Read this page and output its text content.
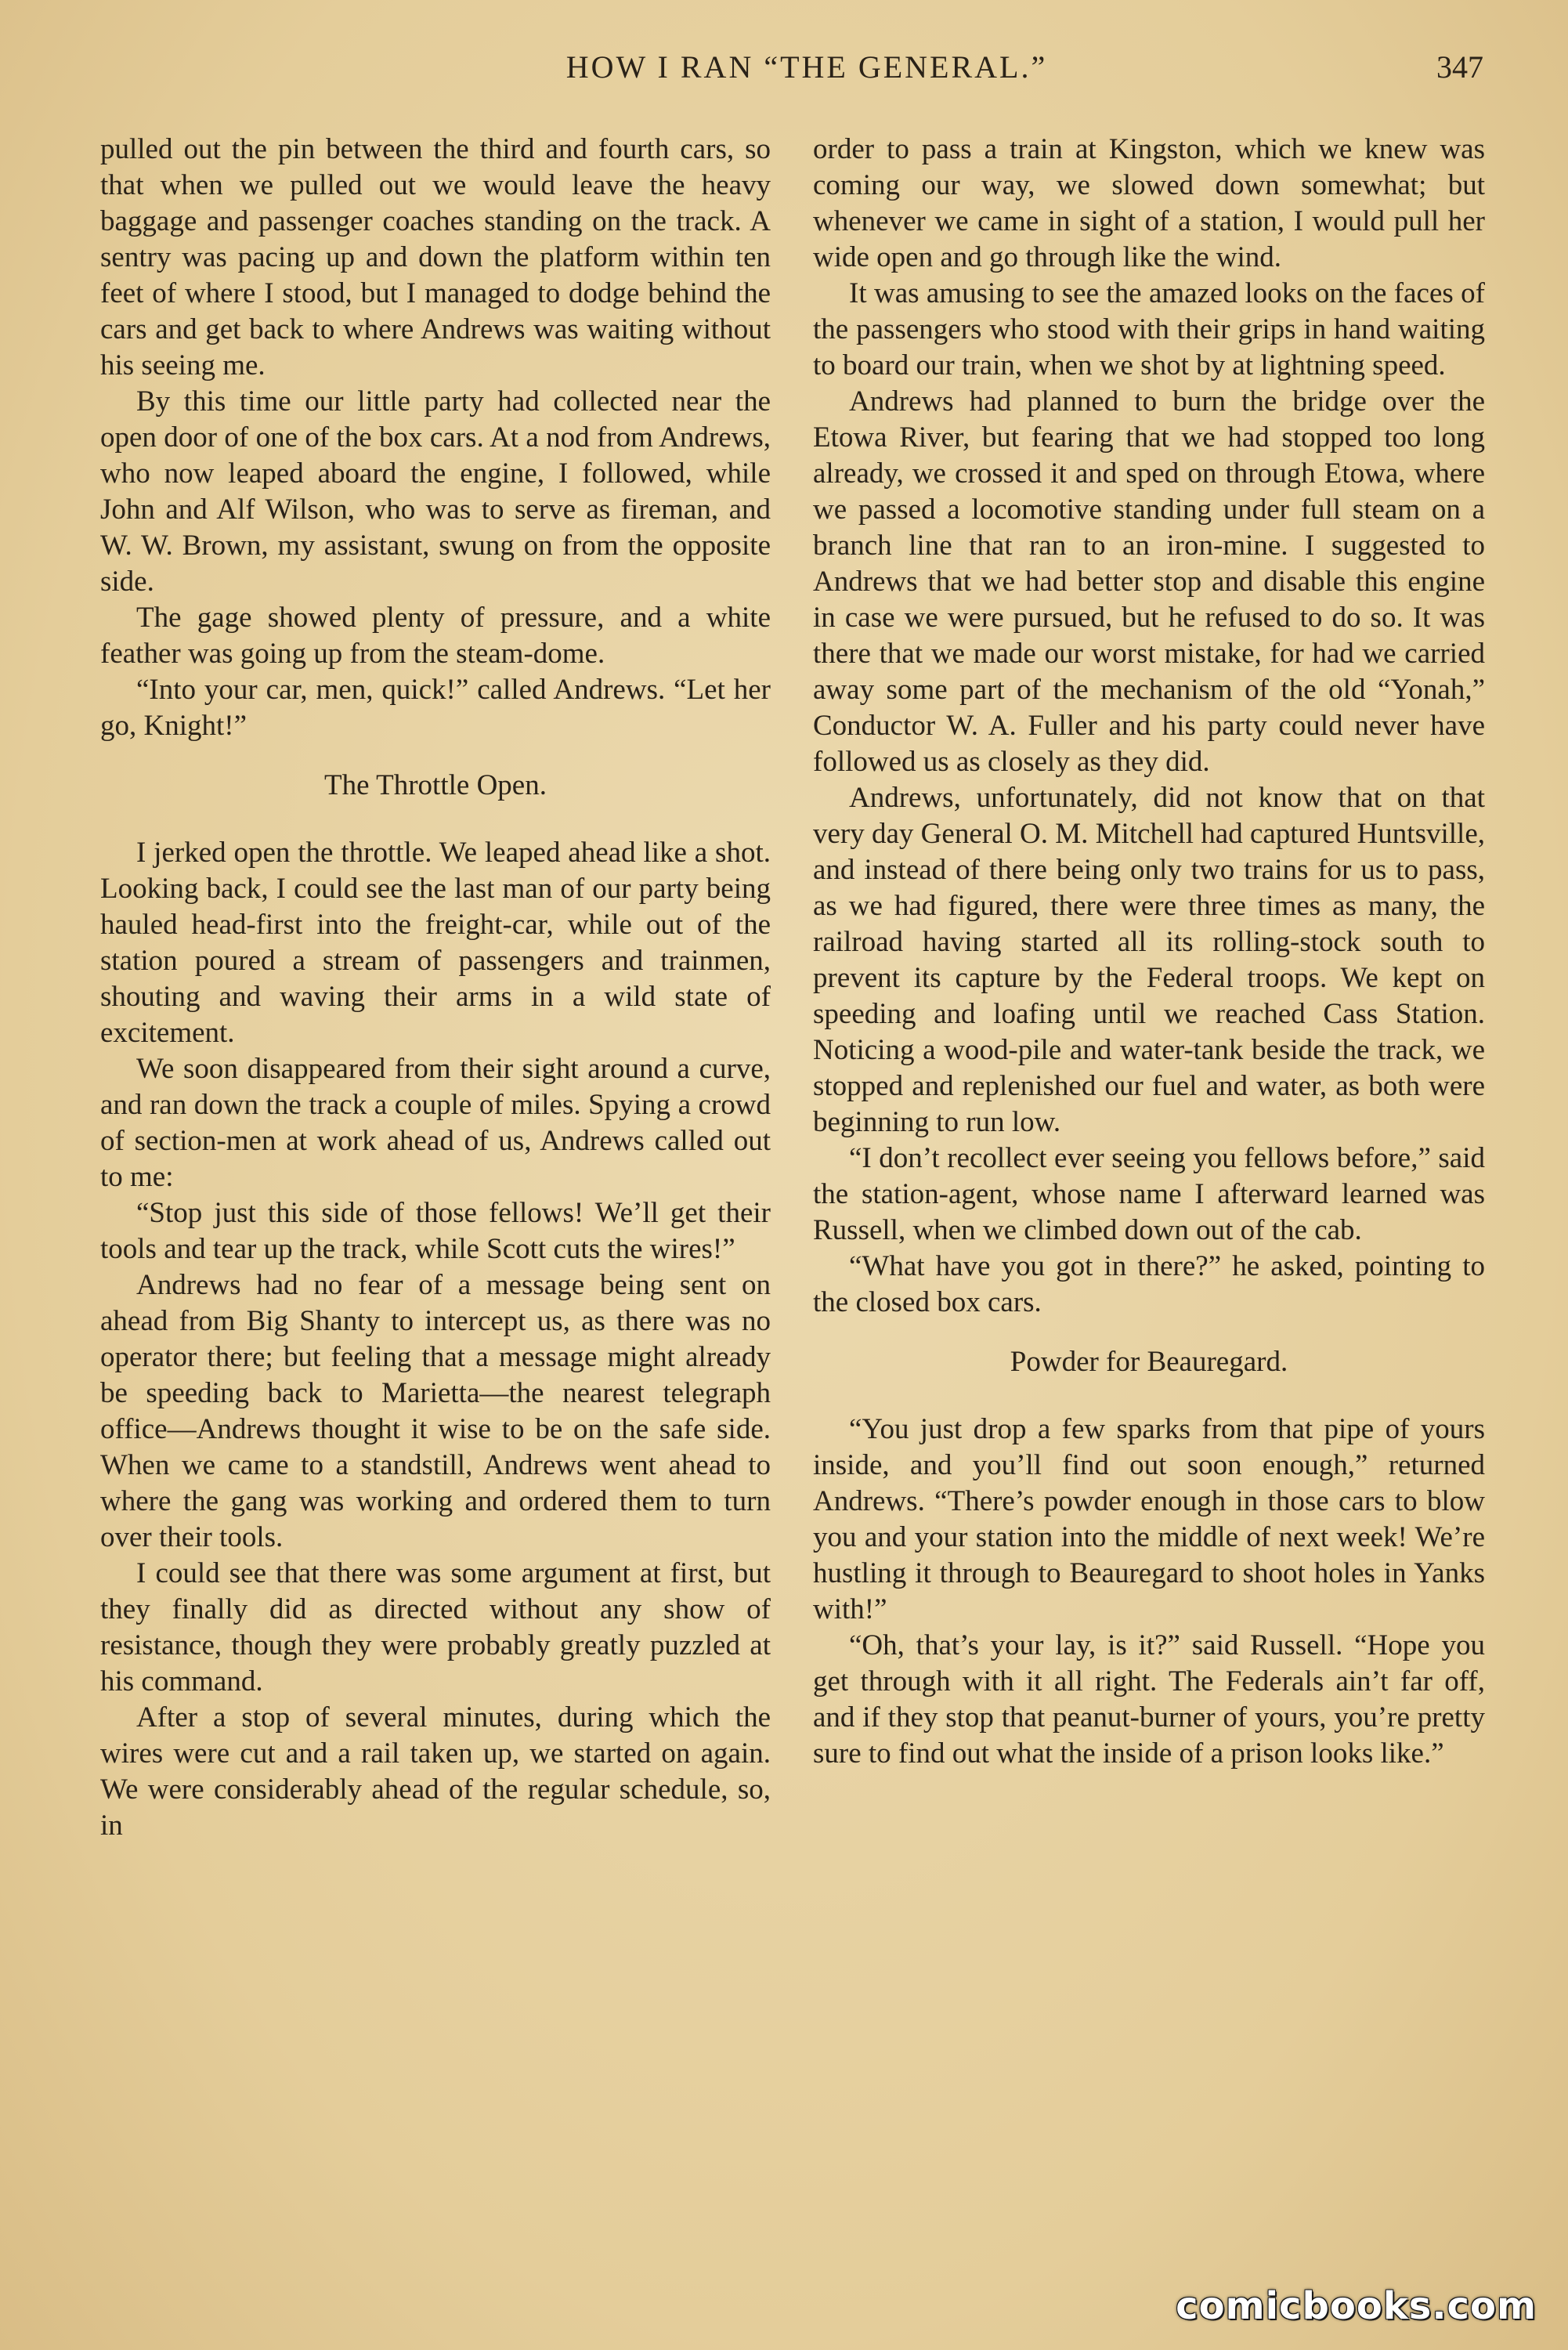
HOW I RAN “THE GENERAL.”	347

pulled out the pin between the third and fourth cars, so that when we pulled out we would leave the heavy baggage and passenger coaches standing on the track. A sentry was pacing up and down the platform within ten feet of where I stood, but I managed to dodge behind the cars and get back to where Andrews was waiting without his seeing me.

By this time our little party had collected near the open door of one of the box cars. At a nod from Andrews, who now leaped aboard the engine, I followed, while John and Alf Wilson, who was to serve as fireman, and W. W. Brown, my assistant, swung on from the opposite side.

The gage showed plenty of pressure, and a white feather was going up from the steam-dome.

“Into your car, men, quick!” called Andrews. “Let her go, Knight!”

The Throttle Open.

I jerked open the throttle. We leaped ahead like a shot. Looking back, I could see the last man of our party being hauled head-first into the freight-car, while out of the station poured a stream of passengers and trainmen, shouting and waving their arms in a wild state of excitement.

We soon disappeared from their sight around a curve, and ran down the track a couple of miles. Spying a crowd of section-men at work ahead of us, Andrews called out to me:

“Stop just this side of those fellows! We’ll get their tools and tear up the track, while Scott cuts the wires!”

Andrews had no fear of a message being sent on ahead from Big Shanty to intercept us, as there was no operator there; but feeling that a message might already be speeding back to Marietta—the nearest telegraph office—Andrews thought it wise to be on the safe side. When we came to a standstill, Andrews went ahead to where the gang was working and ordered them to turn over their tools.

I could see that there was some argument at first, but they finally did as directed without any show of resistance, though they were probably greatly puzzled at his command.

After a stop of several minutes, during which the wires were cut and a rail taken up, we started on again. We were considerably ahead of the regular schedule, so, in

order to pass a train at Kingston, which we knew was coming our way, we slowed down somewhat; but whenever we came in sight of a station, I would pull her wide open and go through like the wind.

It was amusing to see the amazed looks on the faces of the passengers who stood with their grips in hand waiting to board our train, when we shot by at lightning speed.

Andrews had planned to burn the bridge over the Etowa River, but fearing that we had stopped too long already, we crossed it and sped on through Etowa, where we passed a locomotive standing under full steam on a branch line that ran to an iron-mine. I suggested to Andrews that we had better stop and disable this engine in case we were pursued, but he refused to do so. It was there that we made our worst mistake, for had we carried away some part of the mechanism of the old “Yonah,” Conductor W. A. Fuller and his party could never have followed us as closely as they did.

Andrews, unfortunately, did not know that on that very day General O. M. Mitchell had captured Huntsville, and instead of there being only two trains for us to pass, as we had figured, there were three times as many, the railroad having started all its rolling-stock south to prevent its capture by the Federal troops. We kept on speeding and loafing until we reached Cass Station. Noticing a wood-pile and water-tank beside the track, we stopped and replenished our fuel and water, as both were beginning to run low.

“I don’t recollect ever seeing you fellows before,” said the station-agent, whose name I afterward learned was Russell, when we climbed down out of the cab.

“What have you got in there?” he asked, pointing to the closed box cars.

Powder for Beauregard.

“You just drop a few sparks from that pipe of yours inside, and you’ll find out soon enough,” returned Andrews. “There’s powder enough in those cars to blow you and your station into the middle of next week! We’re hustling it through to Beauregard to shoot holes in Yanks with!”

“Oh, that’s your lay, is it?” said Russell. “Hope you get through with it all right. The Federals ain’t far off, and if they stop that peanut-burner of yours, you’re pretty sure to find out what the inside of a prison looks like.”

comicbooks.com
